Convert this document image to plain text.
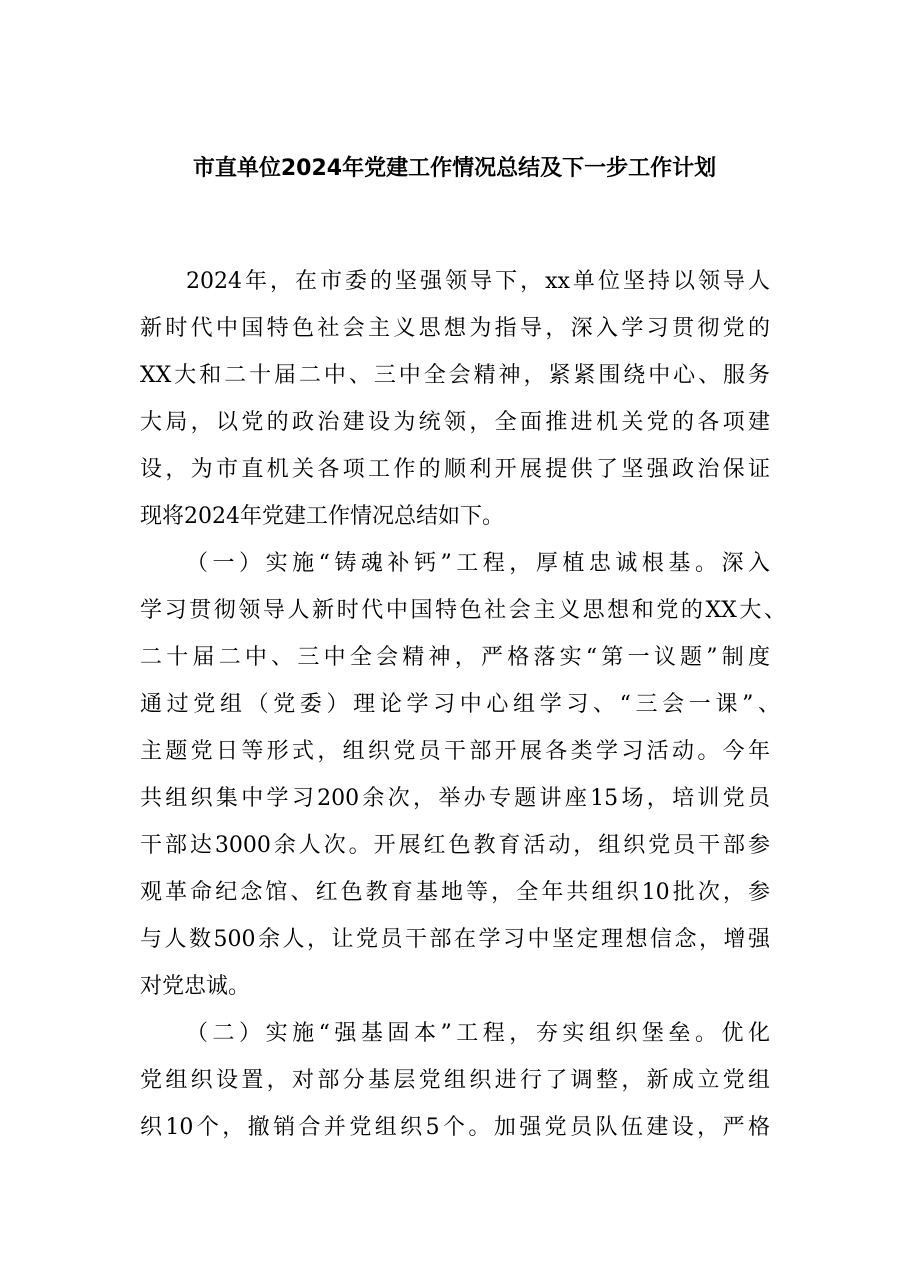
市直单位2024年党建工作情况总结及下一步工作计划
2024年，在市委的坚强领导下，xx单位坚持以领导人
新时代中国特色社会主义思想为指导，深入学习贯彻党的
XX大和二十届二中、三中全会精神，紧紧围绕中心、服务
大局，以党的政治建设为统领，全面推进机关党的各项建
设，为市直机关各项工作的顺利开展提供了坚强政治保证
现将2024年党建工作情况总结如下。
（一）实施“铸魂补钙”工程，厚植忠诚根基。深入
学习贯彻领导人新时代中国特色社会主义思想和党的XX大、
二十届二中、三中全会精神，严格落实“第一议题”制度
通过党组（党委）理论学习中心组学习、“三会一课”、
主题党日等形式，组织党员干部开展各类学习活动。今年
共组织集中学习200余次，举办专题讲座15场，培训党员
干部达3000余人次。开展红色教育活动，组织党员干部参
观革命纪念馆、红色教育基地等，全年共组织10批次，参
与人数500余人，让党员干部在学习中坚定理想信念，增强
对党忠诚。
（二）实施“强基固本”工程，夯实组织堡垒。优化
党组织设置，对部分基层党组织进行了调整，新成立党组
织10个，撤销合并党组织5个。加强党员队伍建设，严格
